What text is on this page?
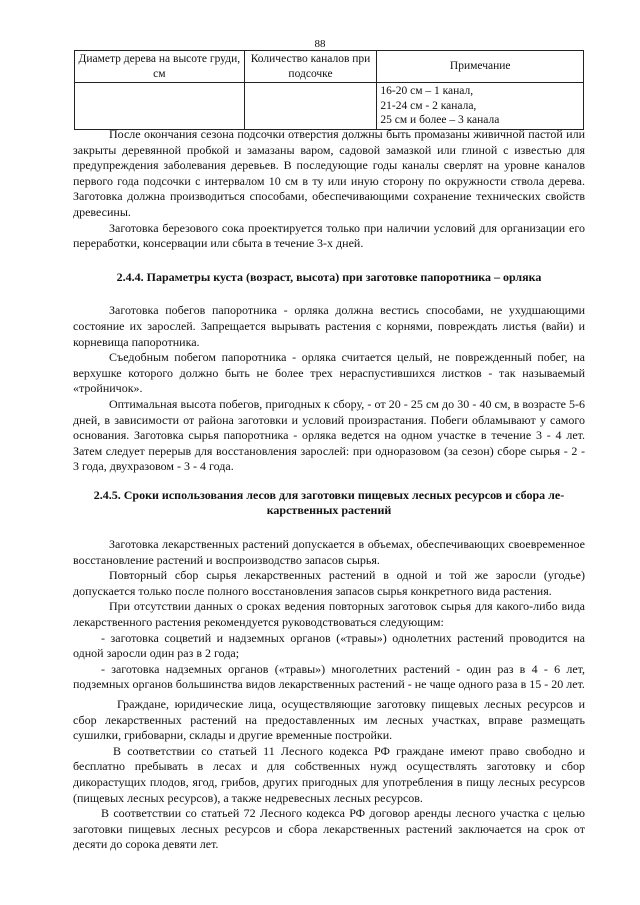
88
Диаметр дерева на высоте груди, см	Количество каналов при подсочке	Примечание

		16-20 см – 1 канал,
21-24 см - 2 канала,
25 см и более – 3 канала

После окончания сезона подсочки отверстия должны быть промазаны живичной пастой или закрыты деревянной пробкой и замазаны варом, садовой замазкой или глиной с известью для предупреждения заболевания деревьев. В последующие годы каналы сверлят на уровне каналов первого года подсочки с интервалом 10 см в ту или иную сторону по окружности ствола дерева. Заготовка должна производиться способами, обеспечивающими сохранение технических свойств древесины.

Заготовка березового сока проектируется только при наличии условий для организации его переработки, консервации или сбыта в течение 3-х дней.

2.4.4. Параметры куста (возраст, высота) при заготовке папоротника – орляка

Заготовка побегов папоротника - орляка должна вестись способами, не ухудшающими состояние их зарослей. Запрещается вырывать растения с корнями, повреждать листья (вайи) и корневища папоротника.

Съедобным побегом папоротника - орляка считается целый, не поврежденный побег, на верхушке которого должно быть не более трех нераспустившихся листков - так называемый «тройничок».

Оптимальная высота побегов, пригодных к сбору, - от 20 - 25 см до 30 - 40 см, в возрасте 5-6 дней, в зависимости от района заготовки и условий произрастания. Побеги обламывают у самого основания. Заготовка сырья папоротника - орляка ведется на одном участке в течение 3 - 4 лет. Затем следует перерыв для восстановления зарослей: при одноразовом (за сезон) сборе сырья - 2 - 3 года, двухразовом - 3 - 4 года.

2.4.5. Сроки использования лесов для заготовки пищевых лесных ресурсов и сбора ле-
карственных растений

Заготовка лекарственных растений допускается в объемах, обеспечивающих своевременное восстановление растений и воспроизводство запасов сырья.

Повторный сбор сырья лекарственных растений в одной и той же заросли (угодье) допускается только после полного восстановления запасов сырья конкретного вида растения.

При отсутствии данных о сроках ведения повторных заготовок сырья для какого-либо вида лекарственного растения рекомендуется руководствоваться следующим:

- заготовка соцветий и надземных органов («травы») однолетних растений проводится на одной заросли один раз в 2 года;

- заготовка надземных органов («травы») многолетних растений - один раз в 4 - 6 лет, подземных органов большинства видов лекарственных растений - не чаще одного раза в 15 - 20 лет.

Граждане, юридические лица, осуществляющие заготовку пищевых лесных ресурсов и сбор лекарственных растений на предоставленных им лесных участках, вправе размещать сушилки, грибоварни, склады и другие временные постройки.

В соответствии со статьей 11 Лесного кодекса РФ граждане имеют право свободно и бесплатно пребывать в лесах и для собственных нужд осуществлять заготовку и сбор дикорастущих плодов, ягод, грибов, других пригодных для употребления в пищу лесных ресурсов (пищевых лесных ресурсов), а также недревесных лесных ресурсов.

В соответствии со статьей 72 Лесного кодекса РФ договор аренды лесного участка с целью заготовки пищевых лесных ресурсов и сбора лекарственных растений заключается на срок от десяти до сорока девяти лет.
